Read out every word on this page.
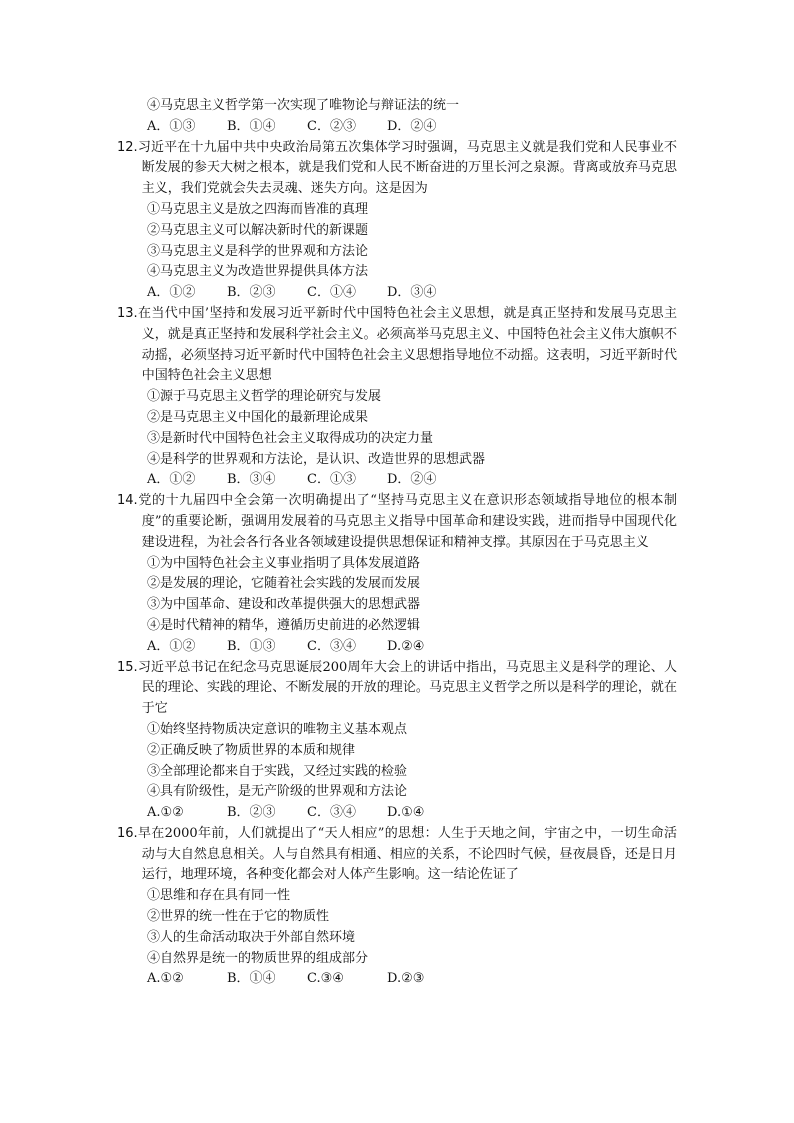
④马克思主义哲学第一次实现了唯物论与辩证法的统一

A．①③	B．①④	C．②③	D．②④

12.习近平在十九届中共中央政治局第五次集体学习时强调，马克思主义就是我们党和人民事业不断发展的参天大树之根本，就是我们党和人民不断奋进的万里长河之泉源。背离或放弃马克思主义，我们党就会失去灵魂、迷失方向。这是因为

①马克思主义是放之四海而皆准的真理

②马克思主义可以解决新时代的新课题

③马克思主义是科学的世界观和方法论

④马克思主义为改造世界提供具体方法

A．①②	B．②③	C．①④	D．③④

13.在当代中国’坚持和发展习近平新时代中国特色社会主义思想，就是真正坚持和发展马克思主义，就是真正坚持和发展科学社会主义。必须高举马克思主义、中国特色社会主义伟大旗帜不动摇，必须坚持习近平新时代中国特色社会主义思想指导地位不动摇。这表明，习近平新时代中国特色社会主义思想

①源于马克思主义哲学的理论研究与发展

②是马克思主义中国化的最新理论成果

③是新时代中国特色社会主义取得成功的决定力量

④是科学的世界观和方法论，是认识、改造世界的思想武器

A．①②	B．③④	C．①③	D．②④

14.党的十九届四中全会第一次明确提出了“坚持马克思主义在意识形态领域指导地位的根本制度”的重要论断，强调用发展着的马克思主义指导中国革命和建设实践，进而指导中国现代化建设进程，为社会各行各业各领域建设提供思想保证和精神支撑。其原因在于马克思主义

①为中国特色社会主义事业指明了具体发展道路

②是发展的理论，它随着社会实践的发展而发展

③为中国革命、建设和改革提供强大的思想武器

④是时代精神的精华，遵循历史前进的必然逻辑

A．①②	B．①③	C．③④	D.②④

15.习近平总书记在纪念马克思诞辰200周年大会上的讲话中指出，马克思主义是科学的理论、人民的理论、实践的理论、不断发展的开放的理论。马克思主义哲学之所以是科学的理论，就在于它

①始终坚持物质决定意识的唯物主义基本观点

②正确反映了物质世界的本质和规律

③全部理论都来自于实践，又经过实践的检验

④具有阶级性，是无产阶级的世界观和方法论

A.①②	B．②③	C．③④	D.①④

16.早在2000年前，人们就提出了“天人相应”的思想：人生于天地之间，宇宙之中，一切生命活动与大自然息息相关。人与自然具有相通、相应的关系，不论四时气候，昼夜晨昏，还是日月运行，地理环境，各种变化都会对人体产生影响。这一结论佐证了

①思维和存在具有同一性

②世界的统一性在于它的物质性

③人的生命活动取决于外部自然环境

④自然界是统一的物质世界的组成部分

A.①②	B．①④	C.③④	D.②③
